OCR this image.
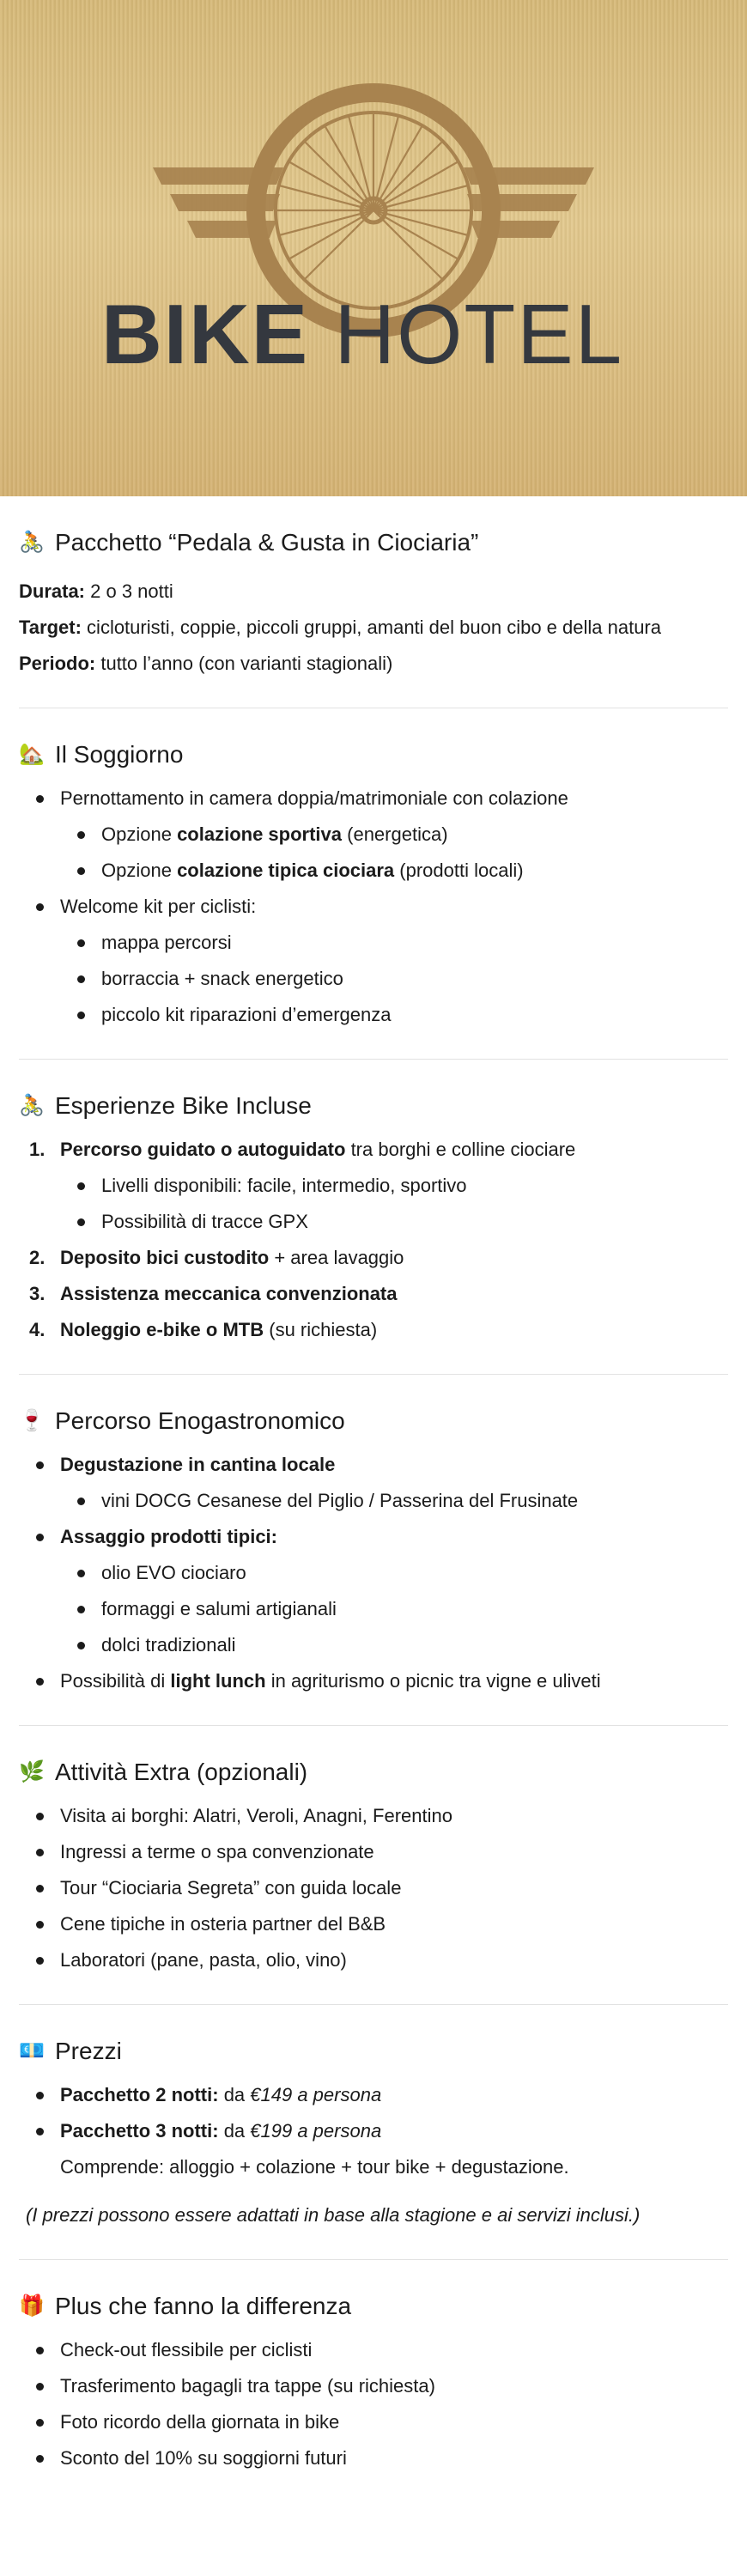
BIKE HOTEL
🚴 Pacchetto “Pedala & Gusta in Ciociaria”
Durata: 2 o 3 notti
Target: cicloturisti, coppie, piccoli gruppi, amanti del buon cibo e della natura
Periodo: tutto l’anno (con varianti stagionali)
🏡 Il Soggiorno
Pernottamento in camera doppia/matrimoniale con colazione
Opzione colazione sportiva (energetica)
Opzione colazione tipica ciociara (prodotti locali)
Welcome kit per ciclisti:
mappa percorsi
borraccia + snack energetico
piccolo kit riparazioni d’emergenza
🚴 Esperienze Bike Incluse
1. Percorso guidato o autoguidato tra borghi e colline ciociare
Livelli disponibili: facile, intermedio, sportivo
Possibilità di tracce GPX
2. Deposito bici custodito + area lavaggio
3. Assistenza meccanica convenzionata
4. Noleggio e-bike o MTB (su richiesta)
🍷 Percorso Enogastronomico
Degustazione in cantina locale
vini DOCG Cesanese del Piglio / Passerina del Frusinate
Assaggio prodotti tipici:
olio EVO ciociaro
formaggi e salumi artigianali
dolci tradizionali
Possibilità di light lunch in agriturismo o picnic tra vigne e uliveti
🌿 Attività Extra (opzionali)
Visita ai borghi: Alatri, Veroli, Anagni, Ferentino
Ingressi a terme o spa convenzionate
Tour “Ciociaria Segreta” con guida locale
Cene tipiche in osteria partner del B&B
Laboratori (pane, pasta, olio, vino)
💶 Prezzi
Pacchetto 2 notti: da €149 a persona
Pacchetto 3 notti: da €199 a persona
Comprende: alloggio + colazione + tour bike + degustazione.
(I prezzi possono essere adattati in base alla stagione e ai servizi inclusi.)
🎁 Plus che fanno la differenza
Check-out flessibile per ciclisti
Trasferimento bagagli tra tappe (su richiesta)
Foto ricordo della giornata in bike
Sconto del 10% su soggiorni futuri
